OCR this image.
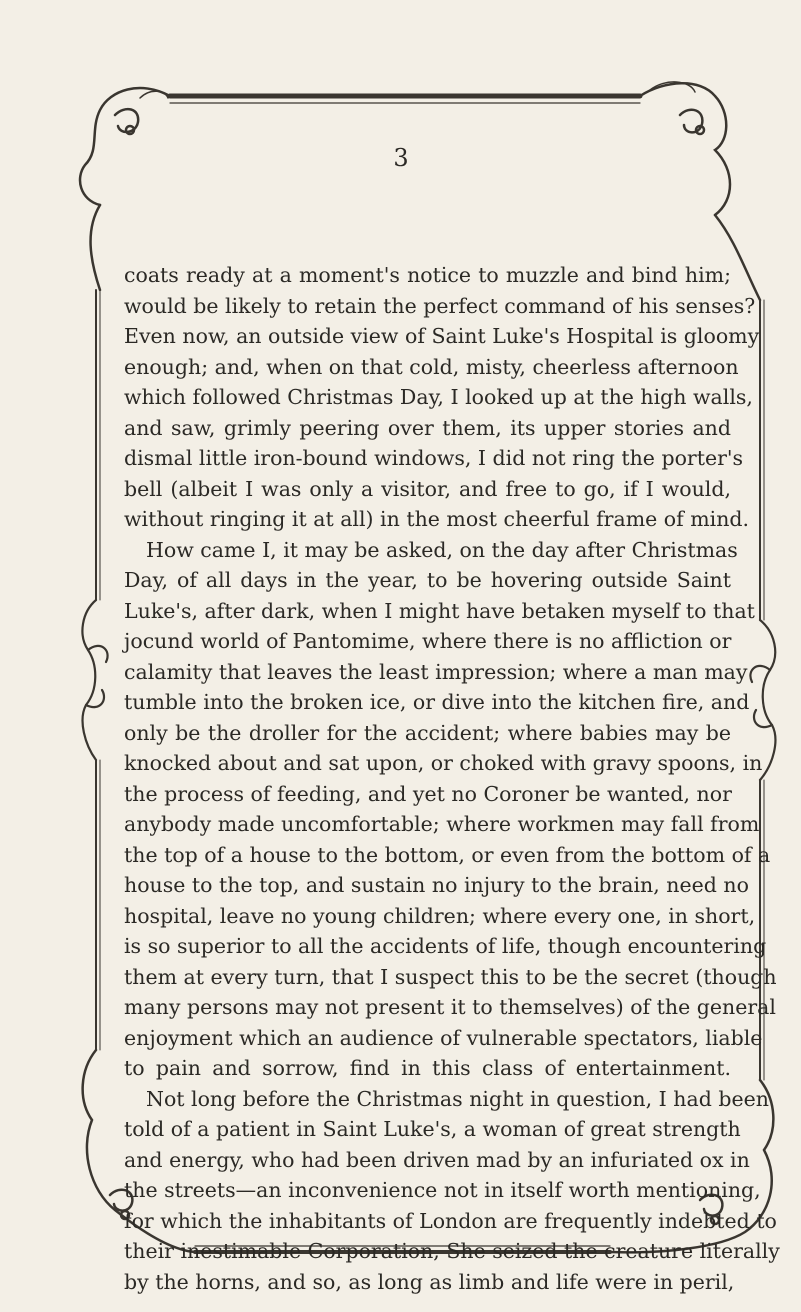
3
coats ready at a moment's notice to muzzle and bind him;
would be likely to retain the perfect command of his senses?
Even now, an outside view of Saint Luke's Hospital is gloomy
enough; and, when on that cold, misty, cheerless afternoon
which followed Christmas Day, I looked up at the high walls,
and saw, grimly peering over them, its upper stories and
dismal little iron-bound windows, I did not ring the porter's
bell (albeit I was only a visitor, and free to go, if I would,
without ringing it at all) in the most cheerful frame of mind.
How came I, it may be asked, on the day after Christmas
Day, of all days in the year, to be hovering outside Saint
Luke's, after dark, when I might have betaken myself to that
jocund world of Pantomime, where there is no affliction or
calamity that leaves the least impression; where a man may
tumble into the broken ice, or dive into the kitchen fire, and
only be the droller for the accident; where babies may be
knocked about and sat upon, or choked with gravy spoons, in
the process of feeding, and yet no Coroner be wanted, nor
anybody made uncomfortable; where workmen may fall from
the top of a house to the bottom, or even from the bottom of a
house to the top, and sustain no injury to the brain, need no
hospital, leave no young children; where every one, in short,
is so superior to all the accidents of life, though encountering
them at every turn, that I suspect this to be the secret (though
many persons may not present it to themselves) of the general
enjoyment which an audience of vulnerable spectators, liable
to pain and sorrow, find in this class of entertainment.
Not long before the Christmas night in question, I had been
told of a patient in Saint Luke's, a woman of great strength
and energy, who had been driven mad by an infuriated ox in
the streets—an inconvenience not in itself worth mentioning,
for which the inhabitants of London are frequently indebted to
their inestimable Corporation, She seized the creature literally
by the horns, and so, as long as limb and life were in peril,
